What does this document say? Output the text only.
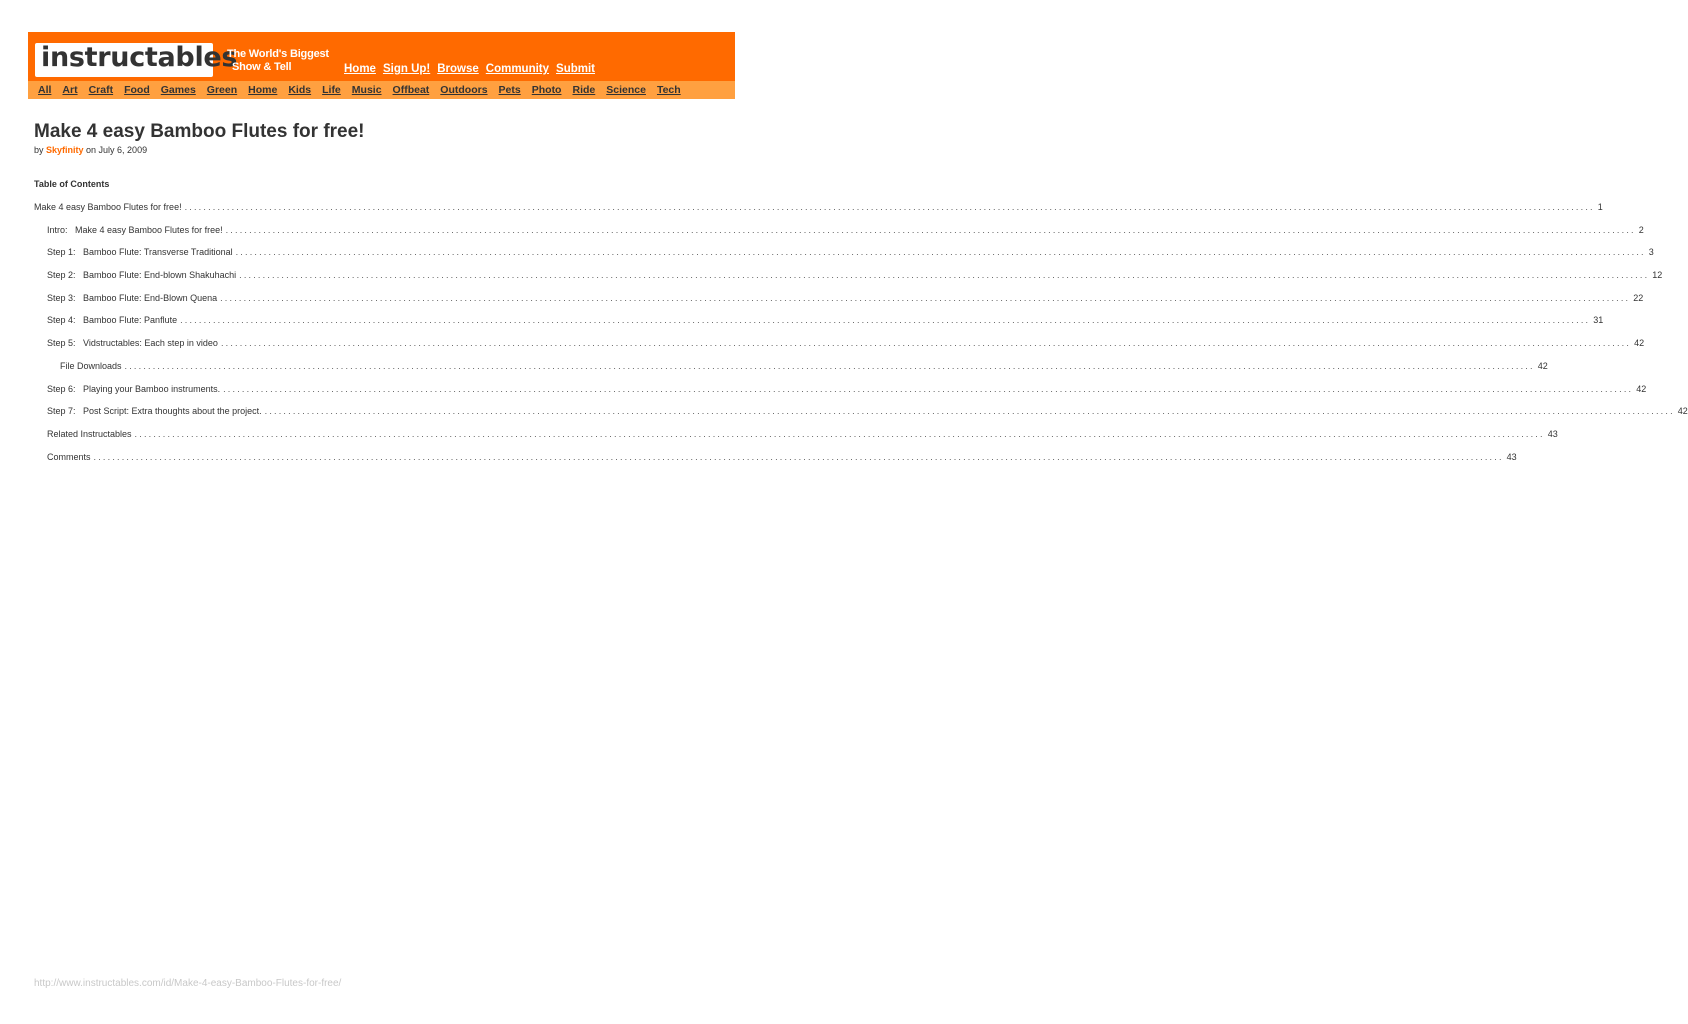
instructables
The World's Biggest
Show & Tell	Home Sign Up! Browse Community Submit
All Art Craft Food Games Green Home Kids Life Music Offbeat Outdoors Pets Photo Ride Science Tech
Make 4 easy Bamboo Flutes for free!
by Skyfinity on July 6, 2009
Table of Contents
Make 4 easy Bamboo Flutes for free! ............................................................................................................................................................................................................................................................................................................ 1
Intro:   Make 4 easy Bamboo Flutes for free! ............................................................................................................................................................................................................................................................................................................ 2
Step 1:   Bamboo Flute: Transverse Traditional ............................................................................................................................................................................................................................................................................................................ 3
Step 2:   Bamboo Flute: End-blown Shakuhachi ............................................................................................................................................................................................................................................................................................................ 12
Step 3:   Bamboo Flute: End-Blown Quena ............................................................................................................................................................................................................................................................................................................ 22
Step 4:   Bamboo Flute: Panflute ............................................................................................................................................................................................................................................................................................................ 31
Step 5:   Vidstructables: Each step in video ............................................................................................................................................................................................................................................................................................................ 42
File Downloads ............................................................................................................................................................................................................................................................................................................ 42
Step 6:   Playing your Bamboo instruments. ............................................................................................................................................................................................................................................................................................................ 42
Step 7:   Post Script: Extra thoughts about the project. ............................................................................................................................................................................................................................................................................................................ 42
Related Instructables ............................................................................................................................................................................................................................................................................................................ 43
Comments ............................................................................................................................................................................................................................................................................................................ 43
http://www.instructables.com/id/Make-4-easy-Bamboo-Flutes-for-free/
